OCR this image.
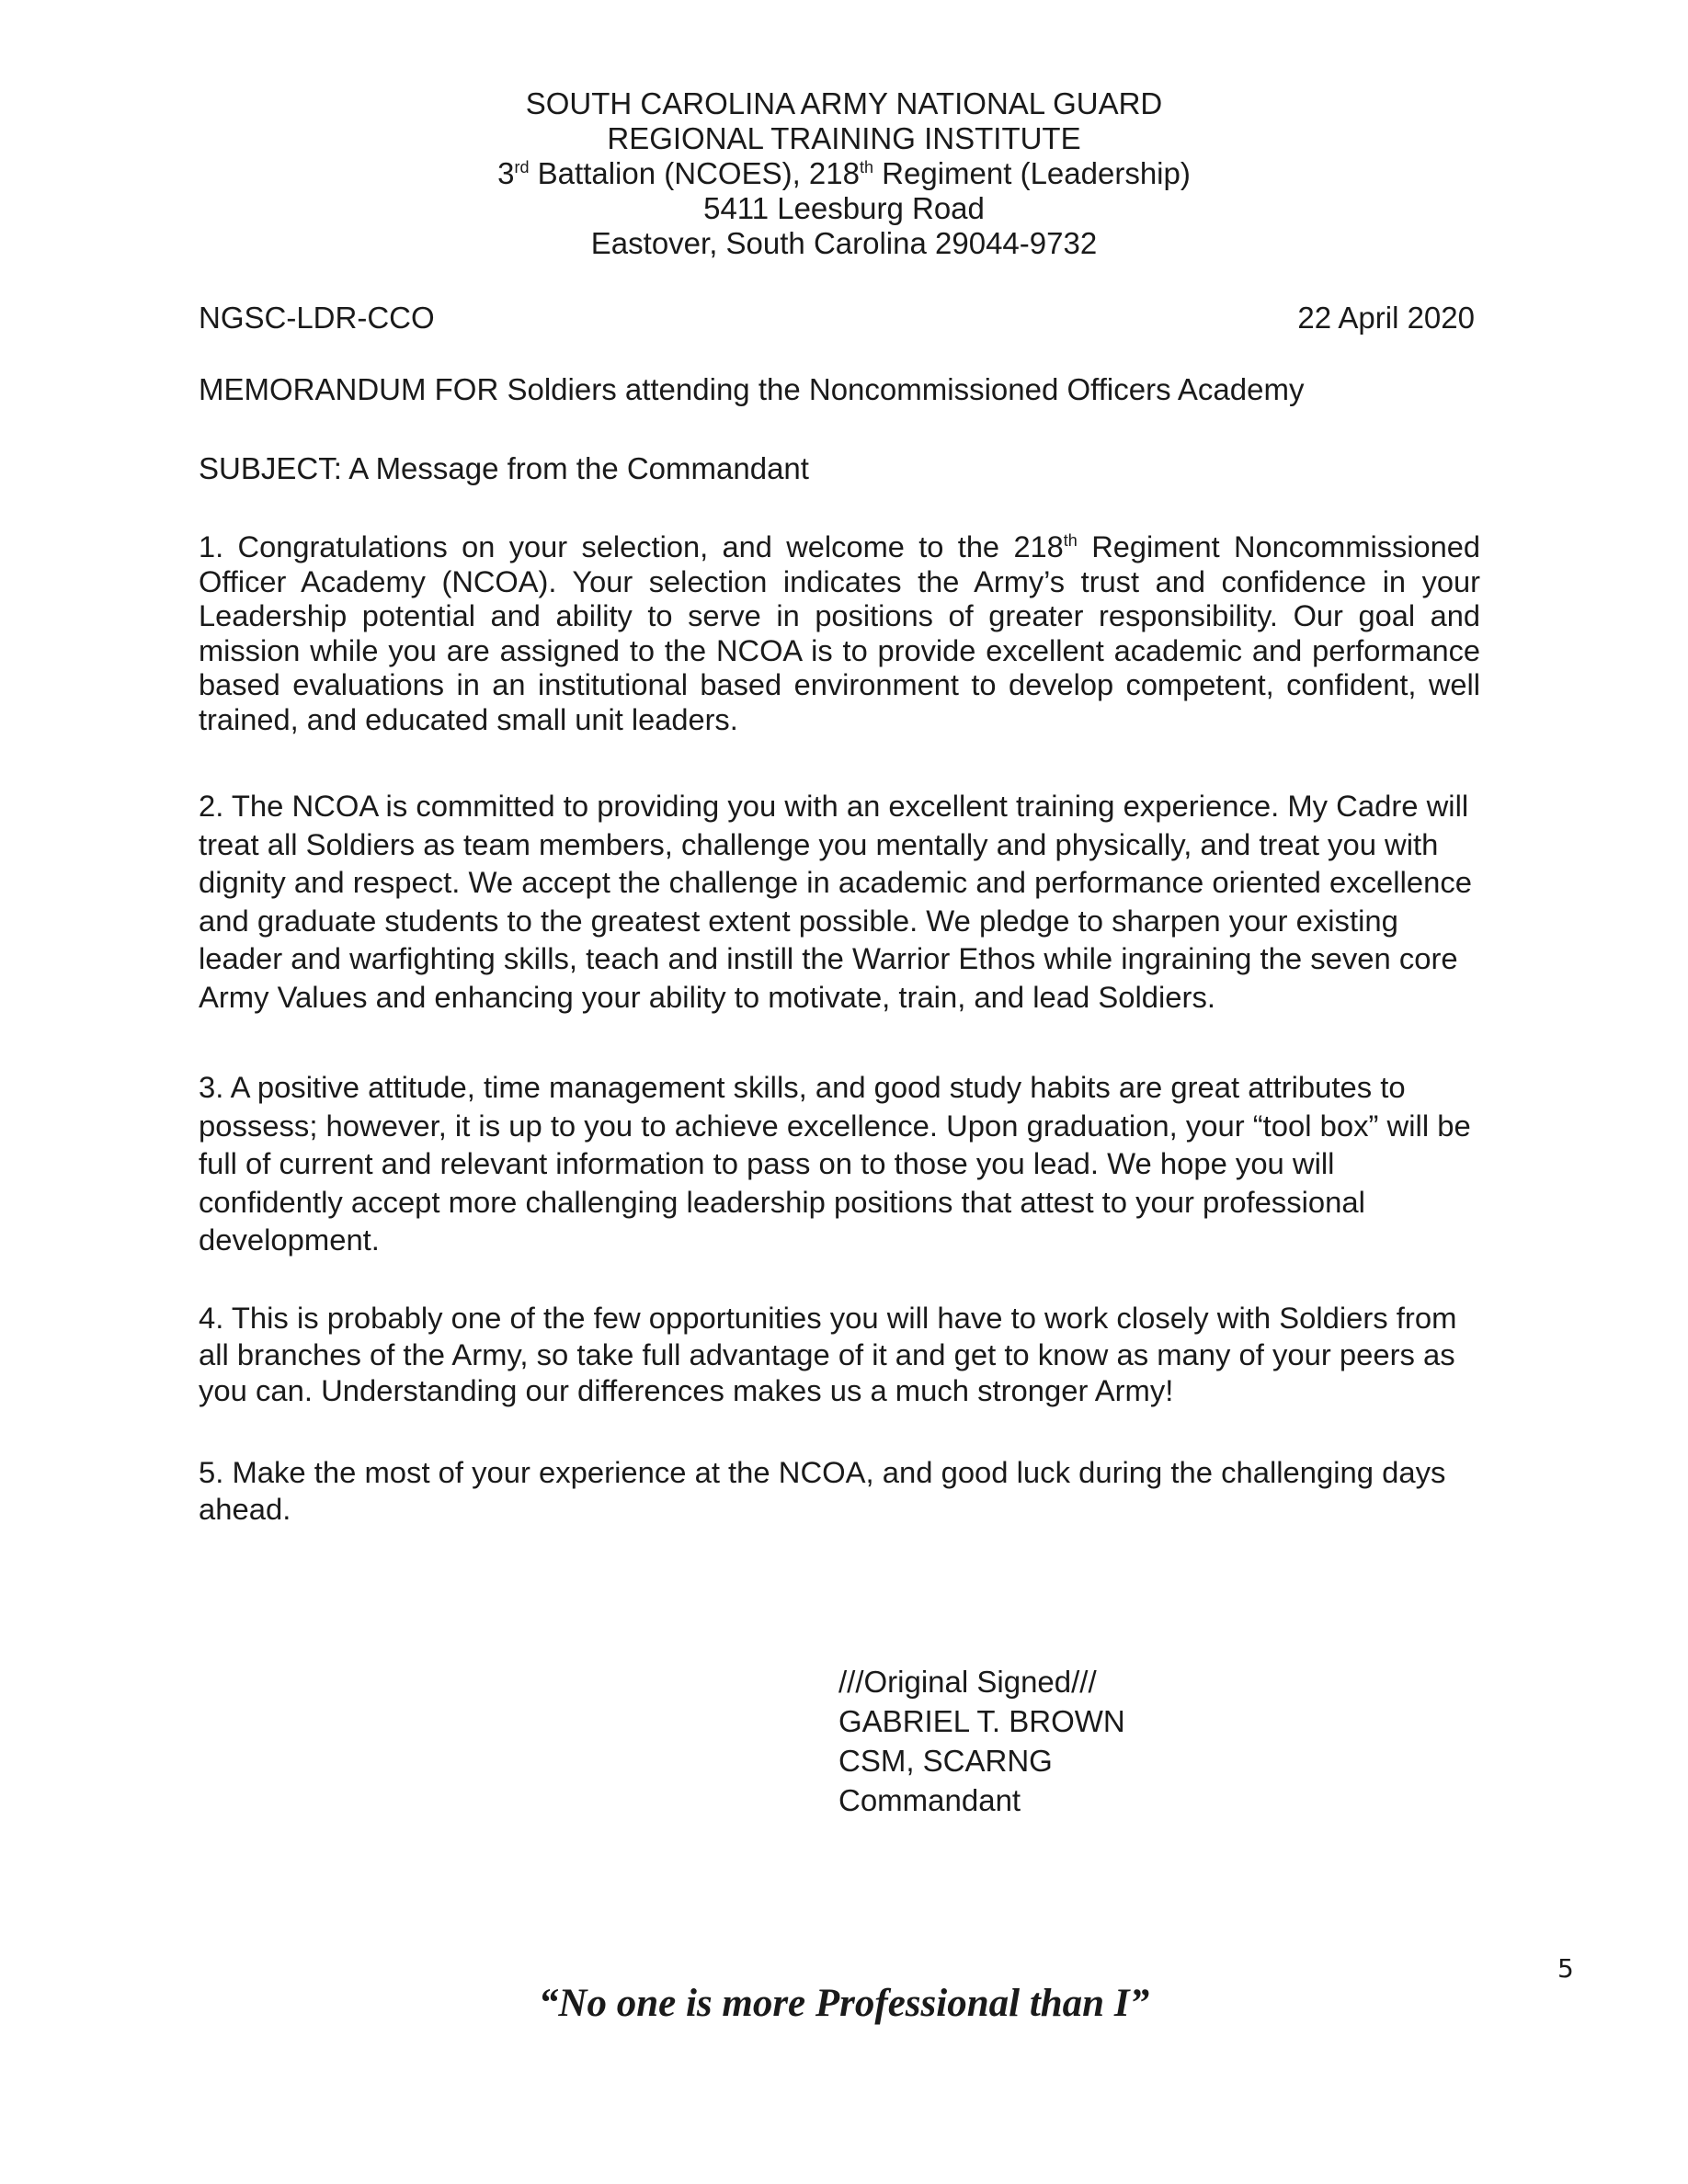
SOUTH CAROLINA ARMY NATIONAL GUARD
REGIONAL TRAINING INSTITUTE
3rd Battalion (NCOES), 218th Regiment (Leadership)
5411 Leesburg Road
Eastover, South Carolina 29044-9732
NGSC-LDR-CCO	22 April 2020
MEMORANDUM FOR Soldiers attending the Noncommissioned Officers Academy
SUBJECT: A Message from the Commandant

1. Congratulations on your selection, and welcome to the 218th Regiment Noncommissioned Officer Academy (NCOA). Your selection indicates the Army’s trust and confidence in your Leadership potential and ability to serve in positions of greater responsibility. Our goal and mission while you are assigned to the NCOA is to provide excellent academic and performance based evaluations in an institutional based environment to develop competent, confident, well trained, and educated small unit leaders.

2. The NCOA is committed to providing you with an excellent training experience. My Cadre will treat all Soldiers as team members, challenge you mentally and physically, and treat you with dignity and respect. We accept the challenge in academic and performance oriented excellence and graduate students to the greatest extent possible. We pledge to sharpen your existing leader and warfighting skills, teach and instill the Warrior Ethos while ingraining the seven core Army Values and enhancing your ability to motivate, train, and lead Soldiers.

3. A positive attitude, time management skills, and good study habits are great attributes to possess; however, it is up to you to achieve excellence. Upon graduation, your “tool box” will be full of current and relevant information to pass on to those you lead. We hope you will confidently accept more challenging leadership positions that attest to your professional development.

4. This is probably one of the few opportunities you will have to work closely with Soldiers from all branches of the Army, so take full advantage of it and get to know as many of your peers as you can. Understanding our differences makes us a much stronger Army!

5. Make the most of your experience at the NCOA, and good luck during the challenging days ahead.

///Original Signed///
GABRIEL T. BROWN
CSM, SCARNG
Commandant
5
“No one is more Professional than I”
